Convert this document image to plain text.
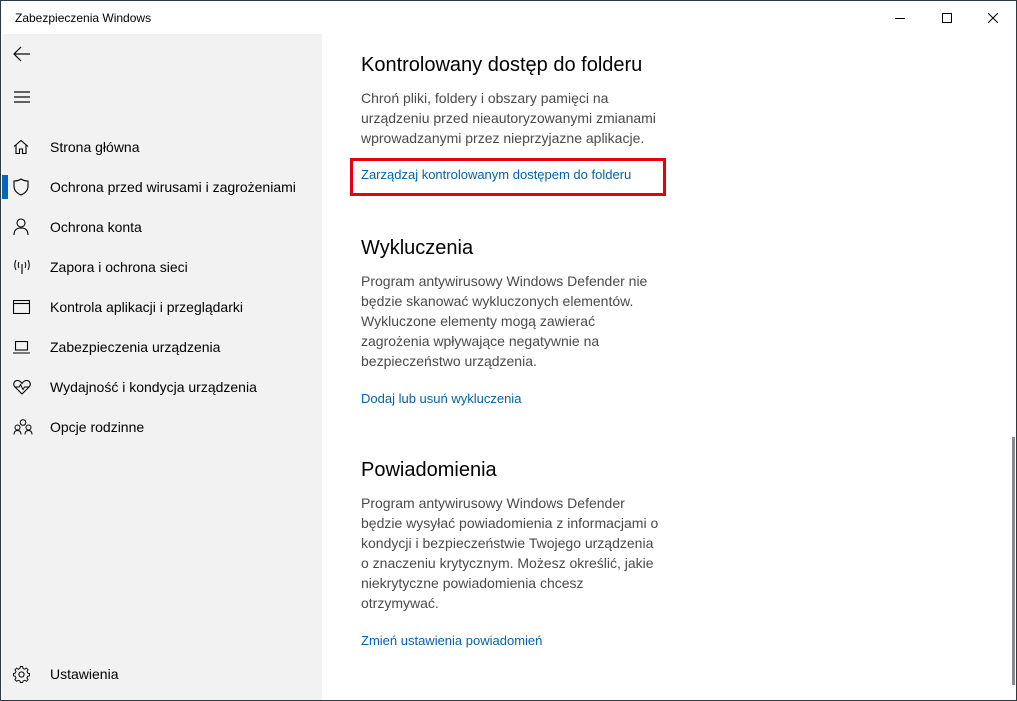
Zabezpieczenia Windows
Strona główna
Ochrona przed wirusami i zagrożeniami
Ochrona konta
Zapora i ochrona sieci
Kontrola aplikacji i przeglądarki
Zabezpieczenia urządzenia
Wydajność i kondycja urządzenia
Opcje rodzinne
Ustawienia
Kontrolowany dostęp do folderu

Chroń pliki, foldery i obszary pamięci na
urządzeniu przed nieautoryzowanymi zmianami
wprowadzanymi przez nieprzyjazne aplikacje.

Zarządzaj kontrolowanym dostępem do folderu
Wykluczenia

Program antywirusowy Windows Defender nie
będzie skanować wykluczonych elementów.
Wykluczone elementy mogą zawierać
zagrożenia wpływające negatywnie na
bezpieczeństwo urządzenia.

Dodaj lub usuń wykluczenia
Powiadomienia

Program antywirusowy Windows Defender
będzie wysyłać powiadomienia z informacjami o
kondycji i bezpieczeństwie Twojego urządzenia
o znaczeniu krytycznym. Możesz określić, jakie
niekrytyczne powiadomienia chcesz
otrzymywać.

Zmień ustawienia powiadomień
